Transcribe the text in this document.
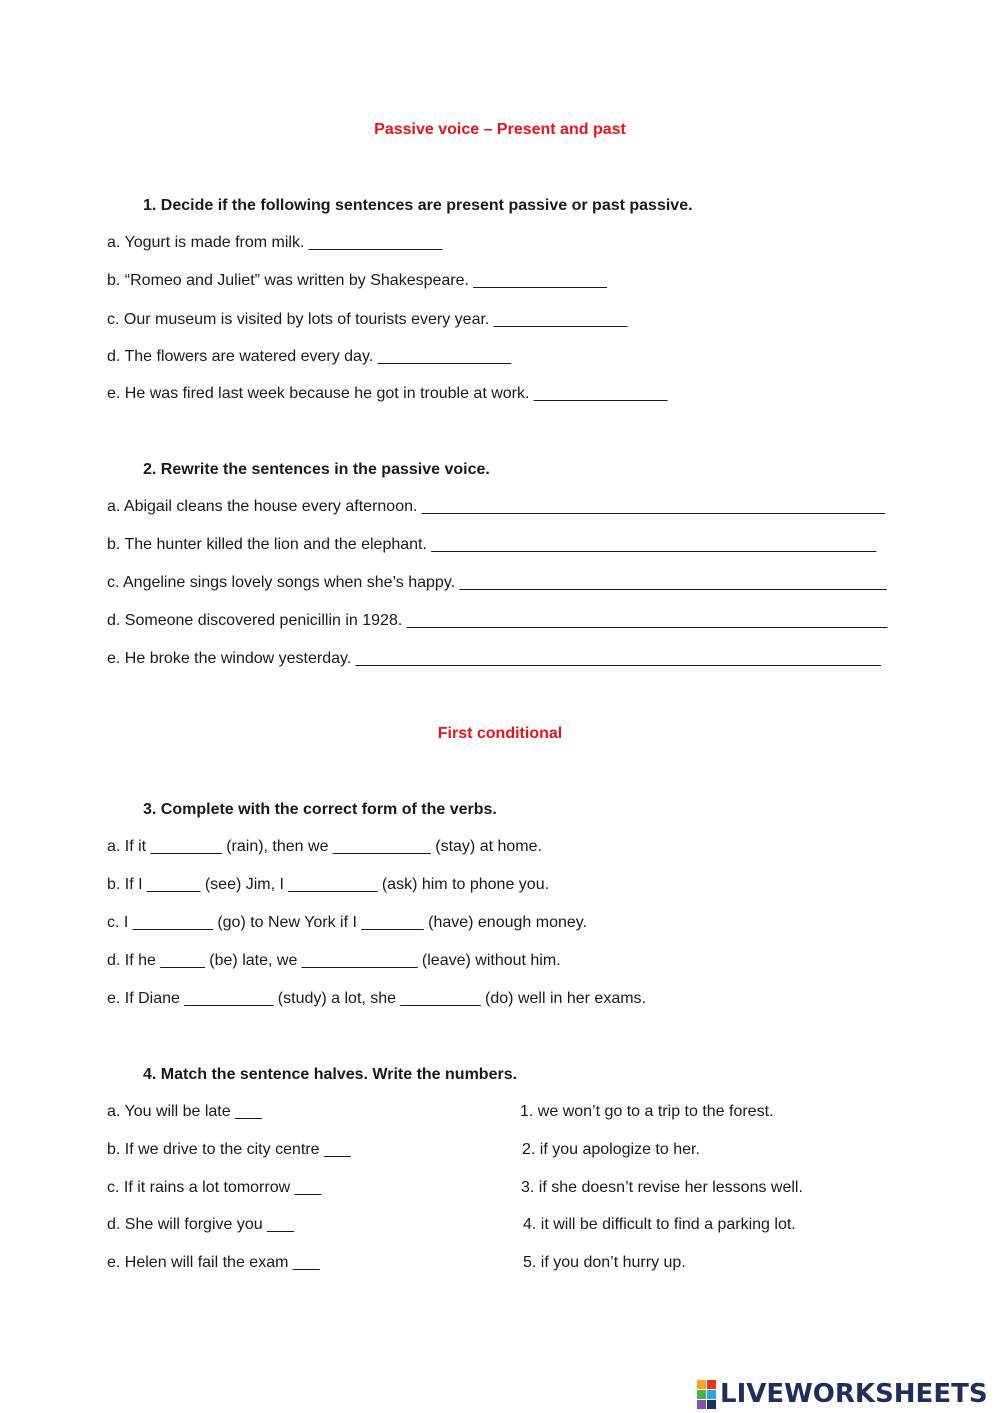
Passive voice – Present and past
1. Decide if the following sentences are present passive or past passive.
a. Yogurt is made from milk. _______________
b. “Romeo and Juliet” was written by Shakespeare. _______________
c. Our museum is visited by lots of tourists every year. _______________
d. The flowers are watered every day. _______________
e. He was fired last week because he got in trouble at work. _______________
2. Rewrite the sentences in the passive voice.
a. Abigail cleans the house every afternoon. ____________________________________________________
b. The hunter killed the lion and the elephant. __________________________________________________
c. Angeline sings lovely songs when she’s happy. ________________________________________________
d. Someone discovered penicillin in 1928. ______________________________________________________
e. He broke the window yesterday. ___________________________________________________________
First conditional
3. Complete with the correct form of the verbs.
a. If it ________ (rain), then we ___________ (stay) at home.
b. If I ______ (see) Jim, I __________ (ask) him to phone you.
c. I _________ (go) to New York if I _______ (have) enough money.
d. If he _____ (be) late, we _____________ (leave) without him.
e. If Diane __________ (study) a lot, she _________ (do) well in her exams.
4. Match the sentence halves. Write the numbers.
a. You will be late ___
b. If we drive to the city centre ___
c. If it rains a lot tomorrow ___
d. She will forgive you ___
e. Helen will fail the exam ___
1. we won’t go to a trip to the forest.
2. if you apologize to her.
3. if she doesn’t revise her lessons well.
4. it will be difficult to find a parking lot.
5. if you don’t hurry up.
LIVEWORKSHEETS
